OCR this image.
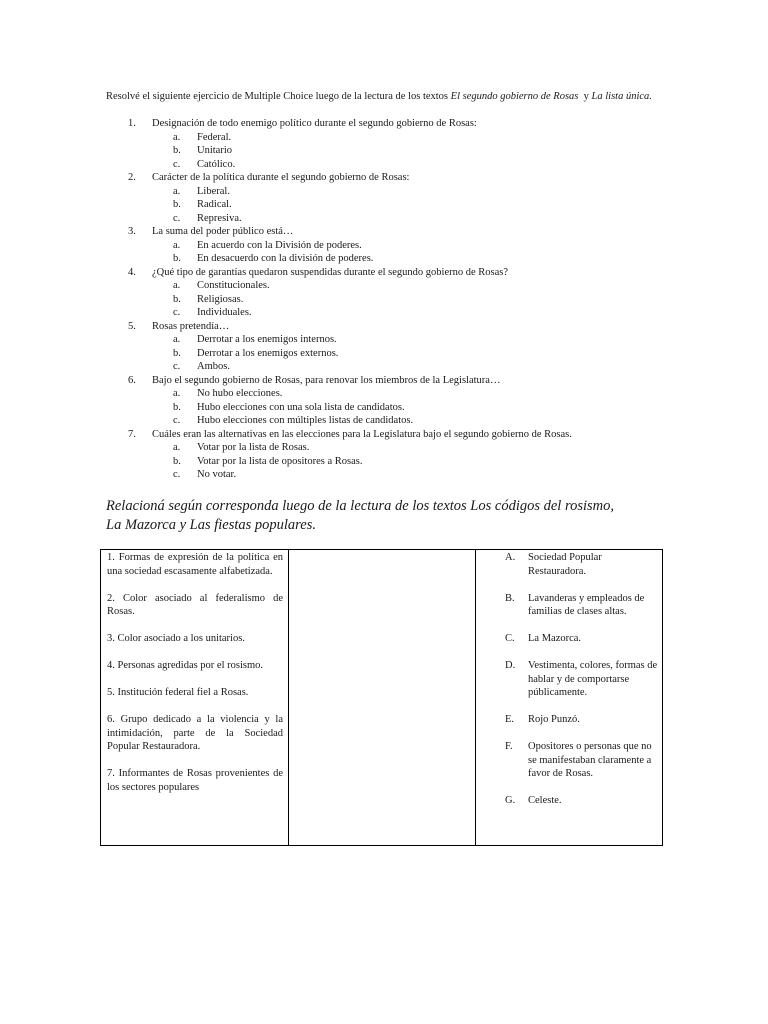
Resolvé el siguiente ejercicio de Multiple Choice luego de la lectura de los textos El segundo gobierno de Rosas  y La lista única.
1. Designación de todo enemigo político durante el segundo gobierno de Rosas:
a. Federal.
b. Unitario
c. Católico.
2. Carácter de la política durante el segundo gobierno de Rosas:
a. Liberal.
b. Radical.
c. Represiva.
3. La suma del poder público está…
a. En acuerdo con la División de poderes.
b. En desacuerdo con la división de poderes.
4. ¿Qué tipo de garantías quedaron suspendidas durante el segundo gobierno de Rosas?
a. Constitucionales.
b. Religiosas.
c. Individuales.
5. Rosas pretendía…
a. Derrotar a los enemigos internos.
b. Derrotar a los enemigos externos.
c. Ambos.
6. Bajo el segundo gobierno de Rosas, para renovar los miembros de la Legislatura…
a. No hubo elecciones.
b. Hubo elecciones con una sola lista de candidatos.
c. Hubo elecciones con múltiples listas de candidatos.
7. Cuáles eran las alternativas en las elecciones para la Legislatura bajo el segundo gobierno de Rosas.
a. Votar por la lista de Rosas.
b. Votar por la lista de opositores a Rosas.
c. No votar.
Relacioná según corresponda luego de la lectura de los textos Los códigos del rosismo, La Mazorca y Las fiestas populares.

1. Formas de expresión de la política en una sociedad escasamente alfabetizada.

2. Color asociado al federalismo de Rosas.

3. Color asociado a los unitarios.

4. Personas agredidas por el rosismo.

5. Institución federal fiel a Rosas.

6. Grupo dedicado a la violencia y la intimidación, parte de la Sociedad Popular Restauradora.

7. Informantes de Rosas provenientes de los sectores populares

A. Sociedad Popular Restauradora.
B. Lavanderas y empleados de familias de clases altas.
C. La Mazorca.
D. Vestimenta, colores, formas de hablar y de comportarse públicamente.
E. Rojo Punzó.
F. Opositores o personas que no se manifestaban claramente a favor de Rosas.
G. Celeste.
